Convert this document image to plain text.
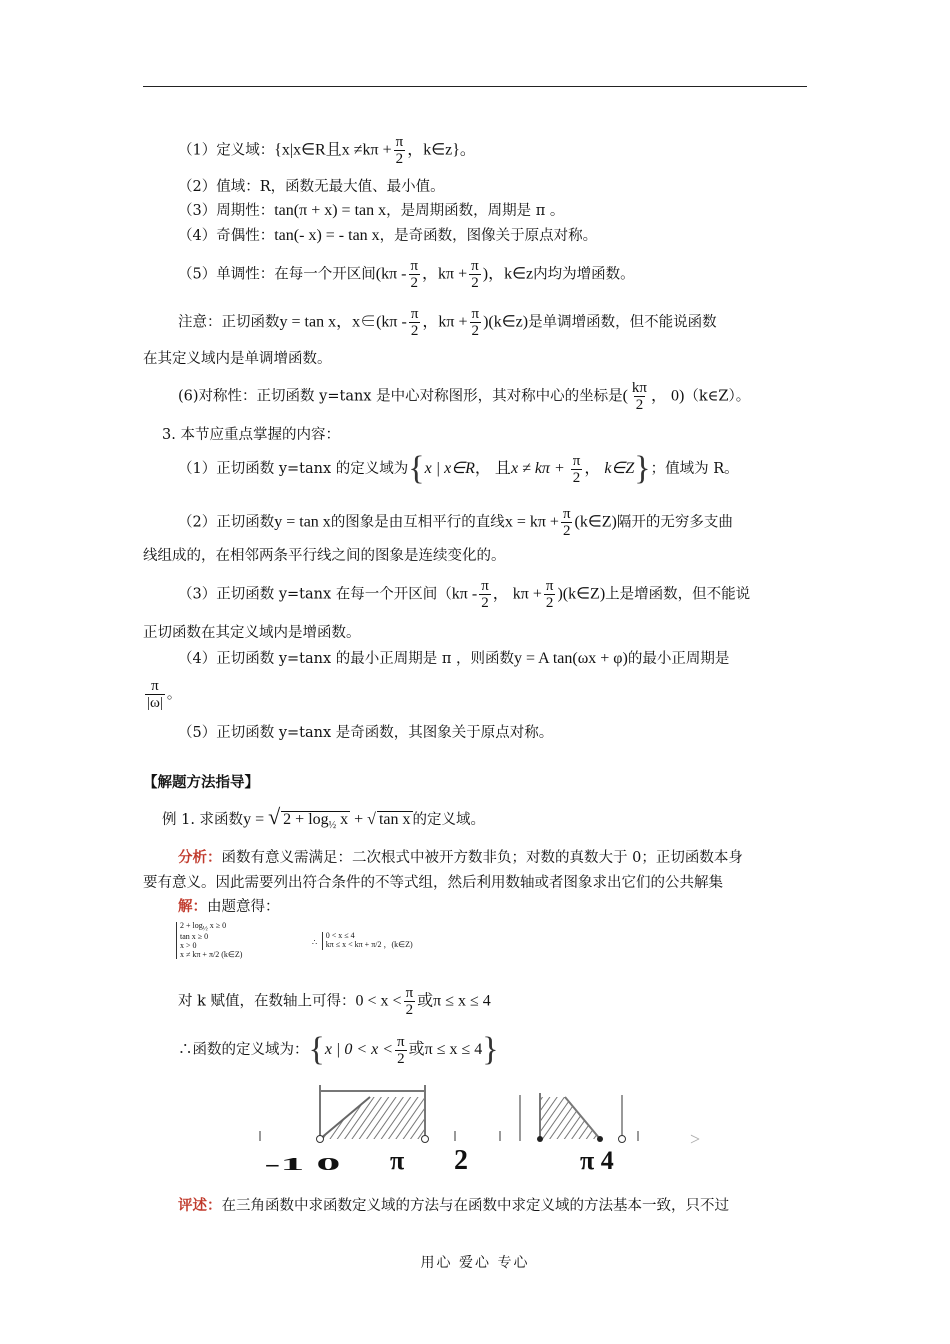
（1）定义域：{x|x∈R且$x \ne k\pi + \frac{\pi}{2}$ ，k∈z}。
（2）值域：R，函数无最大值、最小值。
（3）周期性：tan(π + x) = tan x，是周期函数，周期是 π 。
（4）奇偶性：tan(- x) = - tan x，是奇函数，图像关于原点对称。
（5）单调性：在每一个开区间($k\pi - \frac{\pi}{2}$ ，$k\pi + \frac{\pi}{2}$ )，k∈z内均为增函数。
注意：正切函数y = tan x，x∈(kπ - $\frac{\pi}{2}$ ，$k\pi + \frac{\pi}{2}$ )(k∈z)是单调增函数，但不能说函数
在其定义域内是单调增函数。
(6)对称性：正切函数 y=tanx 是中心对称图形，其对称中心的坐标是( $\frac{k\pi}{2}$ ， 0)（k∈Z）。
3. 本节应重点掌握的内容：
（1）正切函数 y=tanx 的定义域为{x | x∈R， 且$x \ne k\pi + \frac{\pi}{2}$ ， k∈Z}；值域为 R。
（2）正切函数y = tan x的图象是由互相平行的直线$x = k\pi + \frac{\pi}{2}$ (k∈Z)隔开的无穷多支曲
线组成的，在相邻两条平行线之间的图象是连续变化的。
（3）正切函数 y=tanx 在每一个开区间（$k\pi - \frac{\pi}{2}$ ， $k\pi + \frac{\pi}{2}$ )(k∈Z)上是增函数，但不能说
正切函数在其定义域内是增函数。
（4）正切函数 y=tanx 的最小正周期是 π ，则函数y = A tan(ωx + φ)的最小正周期是
$\frac{\pi}{|\omega|}$ 。
（5）正切函数 y=tanx 是奇函数，其图象关于原点对称。
【解题方法指导】
例 1. 求函数y = √ $2 + \log_{\frac{1}{2}} x$ + √ tan x 的定义域。
分析：函数有意义需满足：二次根式中被开方数非负；对数的真数大于 0；正切函数本身
要有意义。因此需要列出符合条件的不等式组，然后利用数轴或者图象求出它们的公共解集
解：由题意得：
$2 + \log_{\frac{1}{2}} x \ge 0$
tan x ≥ 0
x > 0
x ≠ kπ + π/2 (k∈Z)
∴
0 < x ≤ 4
kπ ≤ x < kπ + π/2 ，(k∈Z)
对 k 赋值，在数轴上可得：$0 < x < \frac{\pi}{2}$ 或π ≤ x ≤ 4
∴函数的定义域为：{x | $0 < x < \frac{\pi}{2}$ 或π ≤ x ≤ 4}
>
-1 0 π 2	π 4
评述：在三角函数中求函数定义域的方法与在函数中求定义域的方法基本一致，只不过
用心 爱心 专心
